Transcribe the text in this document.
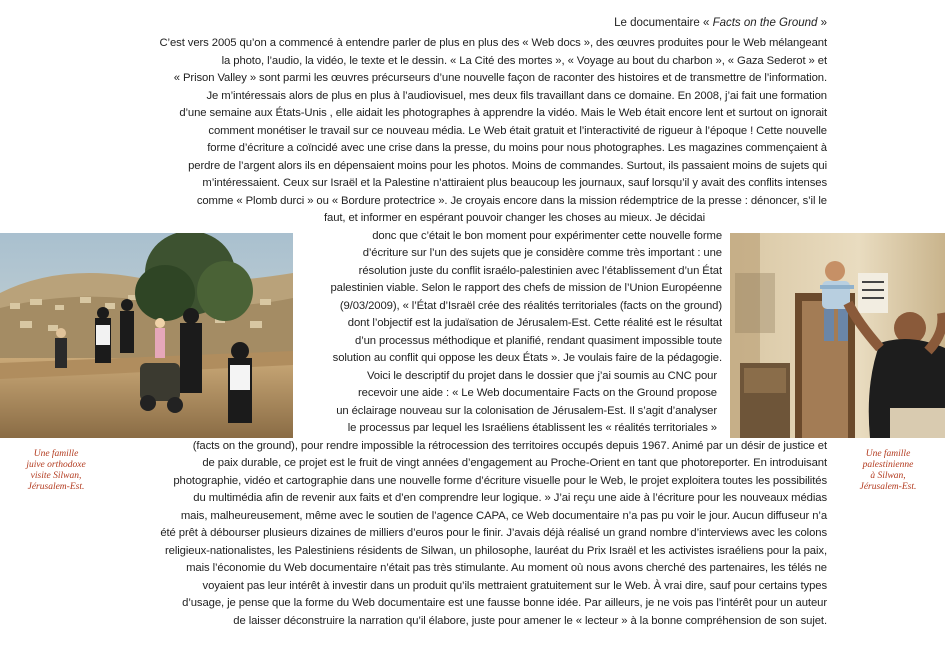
Le documentaire « Facts on the Ground »
Une famille
juive orthodoxe
visite Silwan,
Jérusalem-Est.
Une famille
palestinienne
à Silwan,
Jérusalem-Est.
C’est vers 2005 qu’on a commencé à entendre parler de plus en plus des « Web docs », des œuvres produites pour le Web mélangeant
la photo, l’audio, la vidéo, le texte et le dessin. « La Cité des mortes », « Voyage au bout du charbon », « Gaza Sederot » et
« Prison Valley » sont parmi les œuvres précurseurs d’une nouvelle façon de raconter des histoires et de transmettre de l’information.
Je m’intéressais alors de plus en plus à l’audiovisuel, mes deux fils travaillant dans ce domaine. En 2008, j’ai fait une formation
d’une semaine aux États-Unis , elle aidait les photographes à apprendre la vidéo. Mais le Web était encore lent et surtout on ignorait
comment monétiser le travail sur ce nouveau média. Le Web était gratuit et l’interactivité de rigueur à l’époque ! Cette nouvelle
forme d’écriture a coïncidé avec une crise dans la presse, du moins pour nous photographes. Les magazines commençaient à
perdre de l’argent alors ils en dépensaient moins pour les photos. Moins de commandes. Surtout, ils passaient moins de sujets qui
m’intéressaient. Ceux sur Israël et la Palestine n’attiraient plus beaucoup les journaux, sauf lorsqu’il y avait des conflits intenses
comme « Plomb durci » ou « Bordure protectrice ». Je croyais encore dans la mission rédemptrice de la presse : dénoncer, s’il le
faut, et informer en espérant pouvoir changer les choses au mieux. Je décidai
donc que c’était le bon moment pour expérimenter cette nouvelle forme
d’écriture sur l’un des sujets que je considère comme très important : une
résolution juste du conflit israélo-palestinien avec l’établissement d’un État
palestinien viable. Selon le rapport des chefs de mission de l’Union Européenne
(9/03/2009), « l’État d’Israël crée des réalités territoriales (facts on the ground)
dont l’objectif est la judaïsation de Jérusalem-Est. Cette réalité est le résultat
d’un processus méthodique et planifié, rendant quasiment impossible toute
solution au conflit qui oppose les deux États ». Je voulais faire de la pédagogie.
Voici le descriptif du projet dans le dossier que j’ai soumis au CNC pour
recevoir une aide : « Le Web documentaire Facts on the Ground propose
un éclairage nouveau sur la colonisation de Jérusalem-Est. Il s’agit d’analyser
le processus par lequel les Israéliens établissent les « réalités territoriales »
(facts on the ground), pour rendre impossible la rétrocession des territoires occupés depuis 1967. Animé par un désir de justice et
de paix durable, ce projet est le fruit de vingt années d’engagement au Proche-Orient en tant que photoreporter. En introduisant
photographie, vidéo et cartographie dans une nouvelle forme d’écriture visuelle pour le Web, le projet exploitera toutes les possibilités
du multimédia afin de revenir aux faits et d’en comprendre leur logique. » J’ai reçu une aide à l’écriture pour les nouveaux médias
mais, malheureusement, même avec le soutien de l’agence CAPA, ce Web documentaire n’a pas pu voir le jour. Aucun diffuseur n’a
été prêt à débourser plusieurs dizaines de milliers d’euros pour le finir. J’avais déjà réalisé un grand nombre d’interviews avec les colons
religieux-nationalistes, les Palestiniens résidents de Silwan, un philosophe, lauréat du Prix Israël et les activistes israéliens pour la paix,
mais l’économie du Web documentaire n’était pas très stimulante. Au moment où nous avons cherché des partenaires, les télés ne
voyaient pas leur intérêt à investir dans un produit qu’ils mettraient gratuitement sur le Web. À vrai dire, sauf pour certains types
d’usage, je pense que la forme du Web documentaire est une fausse bonne idée. Par ailleurs, je ne vois pas l’intérêt pour un auteur
de laisser déconstruire la narration qu’il élabore, juste pour amener le « lecteur » à la bonne compréhension de son sujet.
